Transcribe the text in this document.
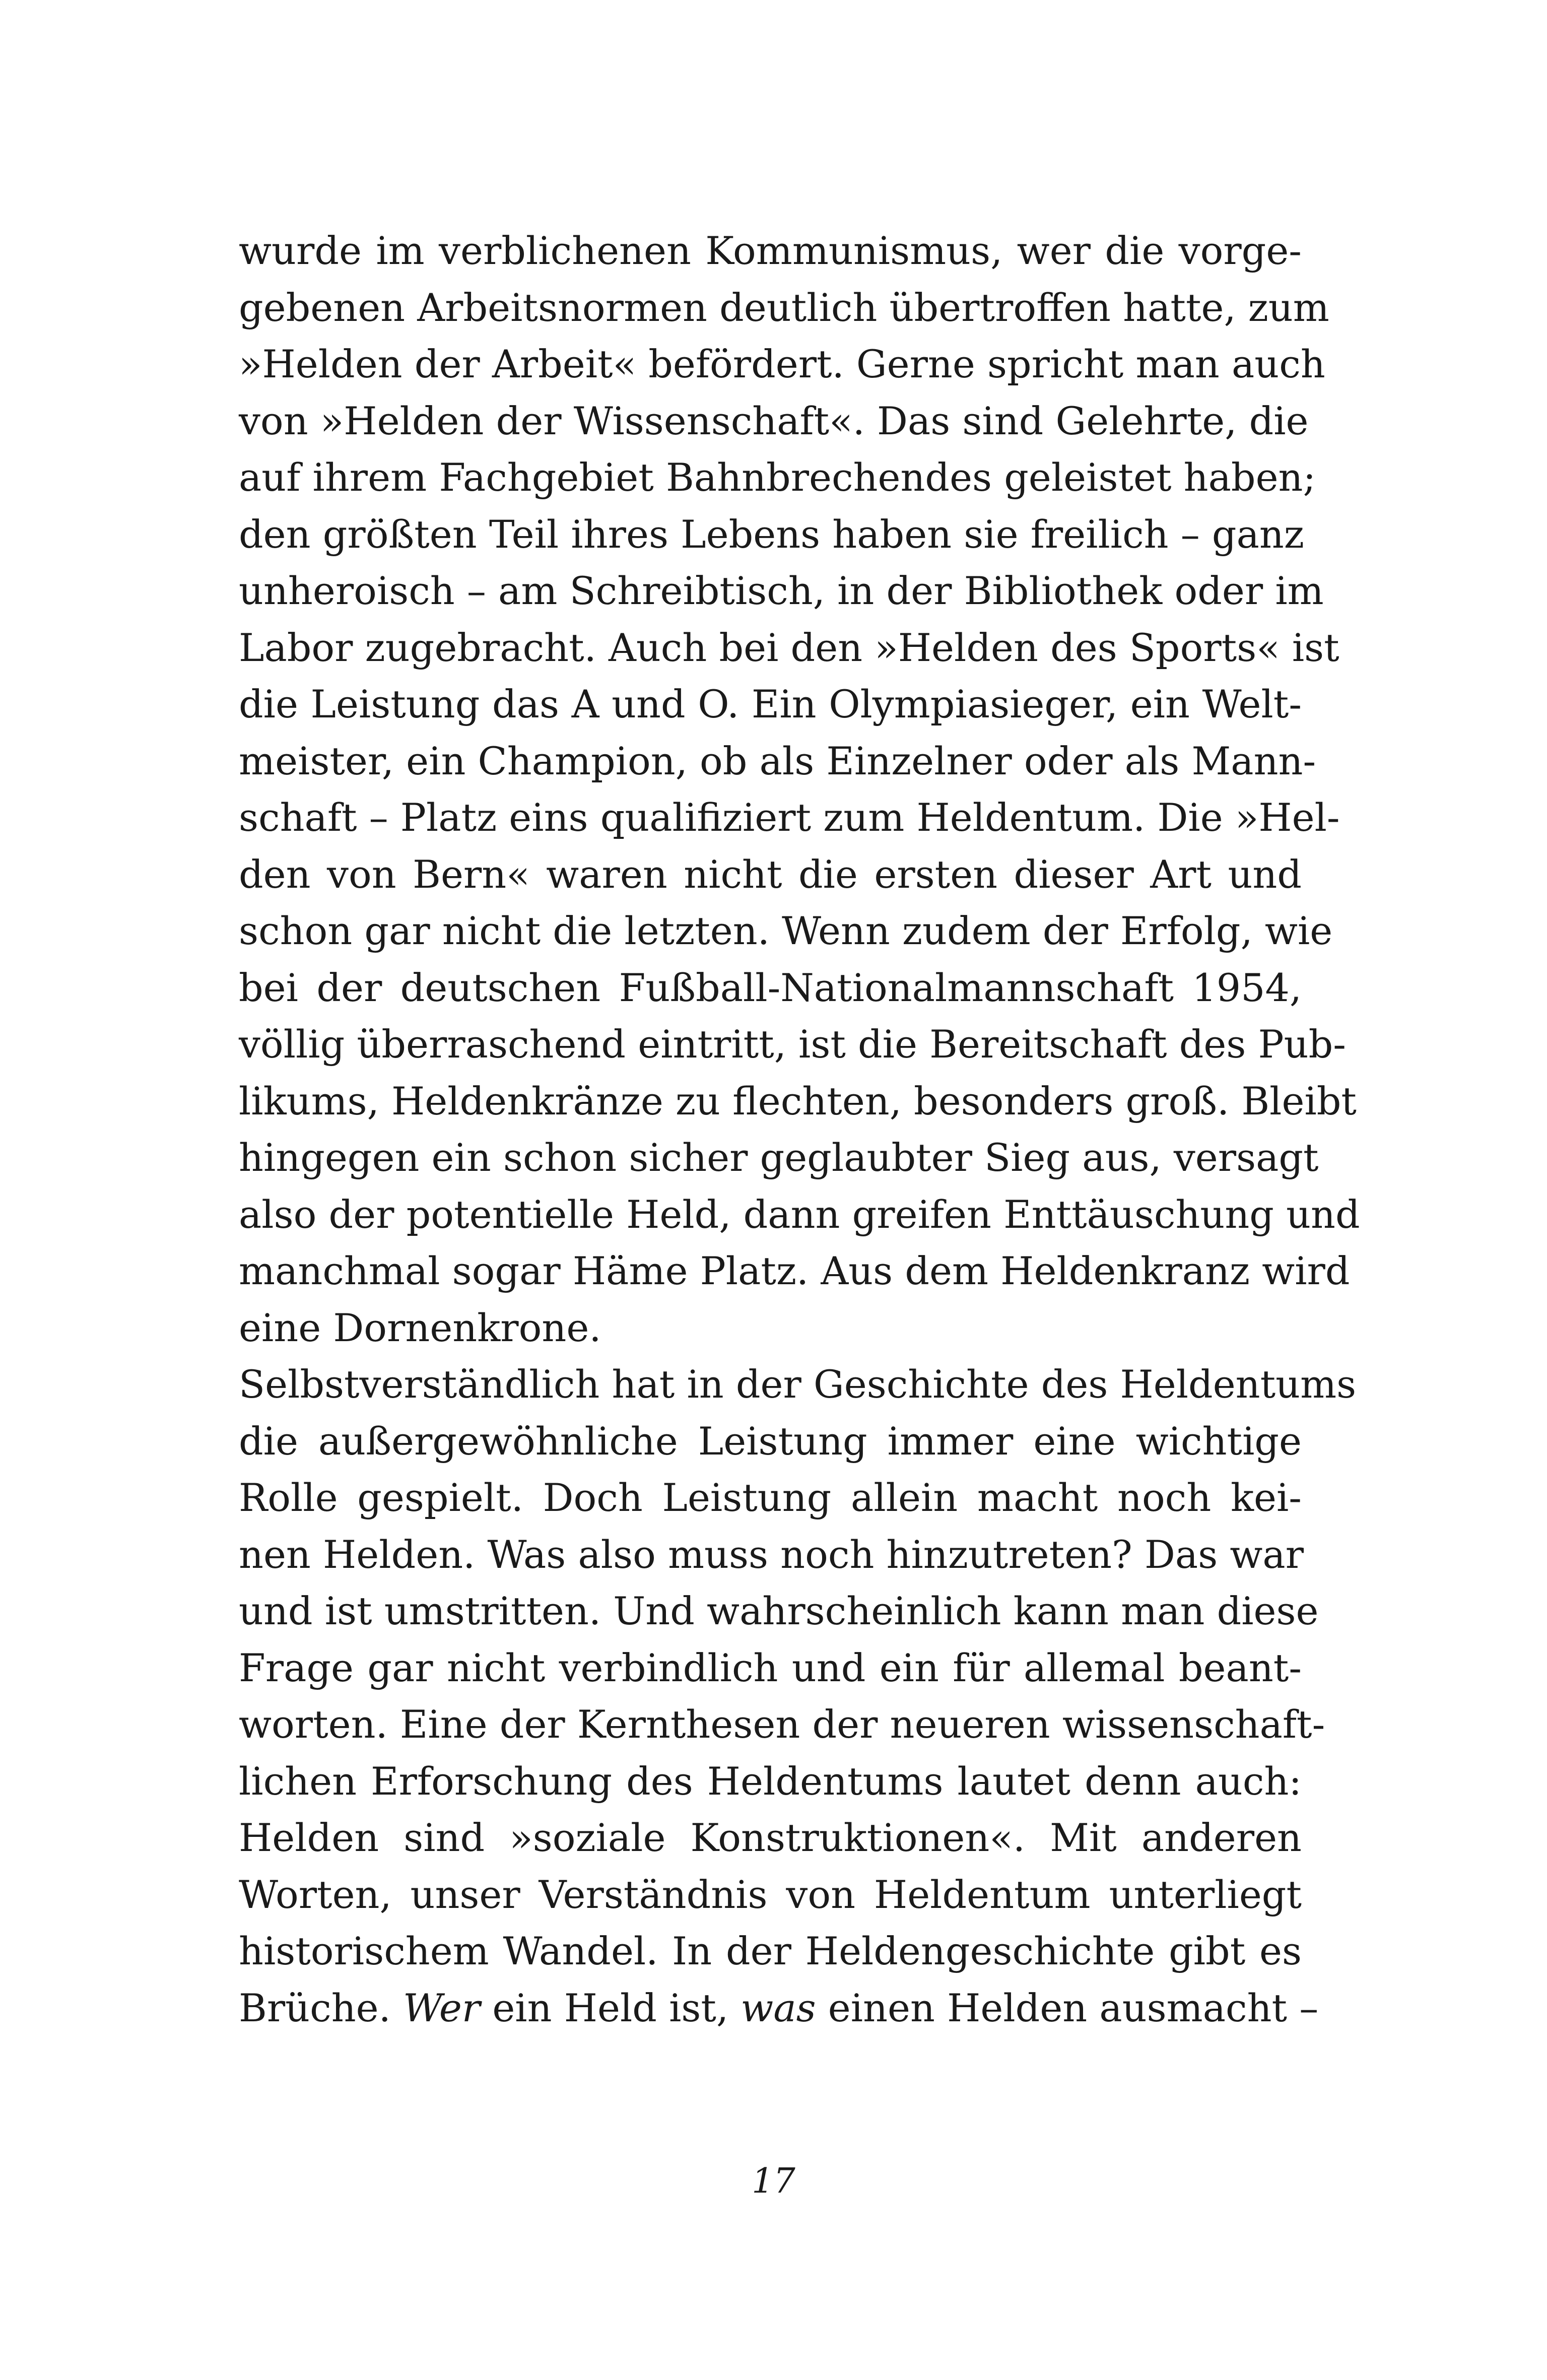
wurde im verblichenen Kommunismus, wer die vorge-
gebenen Arbeitsnormen deutlich übertroffen hatte, zum
»Helden der Arbeit« befördert. Gerne spricht man auch
von »Helden der Wissenschaft«. Das sind Gelehrte, die
auf ihrem Fachgebiet Bahnbrechendes geleistet haben;
den größten Teil ihres Lebens haben sie freilich – ganz
unheroisch – am Schreibtisch, in der Bibliothek oder im
Labor zugebracht. Auch bei den »Helden des Sports« ist
die Leistung das A und O. Ein Olympiasieger, ein Welt-
meister, ein Champion, ob als Einzelner oder als Mann-
schaft – Platz eins qualifiziert zum Heldentum. Die »Hel-
den von Bern« waren nicht die ersten dieser Art und
schon gar nicht die letzten. Wenn zudem der Erfolg, wie
bei der deutschen Fußball-Nationalmannschaft 1954,
völlig überraschend eintritt, ist die Bereitschaft des Pub-
likums, Heldenkränze zu flechten, besonders groß. Bleibt
hingegen ein schon sicher geglaubter Sieg aus, versagt
also der potentielle Held, dann greifen Enttäuschung und
manchmal sogar Häme Platz. Aus dem Heldenkranz wird
eine Dornenkrone.
Selbstverständlich hat in der Geschichte des Heldentums
die außergewöhnliche Leistung immer eine wichtige
Rolle gespielt. Doch Leistung allein macht noch kei-
nen Helden. Was also muss noch hinzutreten? Das war
und ist umstritten. Und wahrscheinlich kann man diese
Frage gar nicht verbindlich und ein für allemal beant-
worten. Eine der Kernthesen der neueren wissenschaft-
lichen Erforschung des Heldentums lautet denn auch:
Helden sind »soziale Konstruktionen«. Mit anderen
Worten, unser Verständnis von Heldentum unterliegt
historischem Wandel. In der Heldengeschichte gibt es
Brüche. Wer ein Held ist, was einen Helden ausmacht –
17
